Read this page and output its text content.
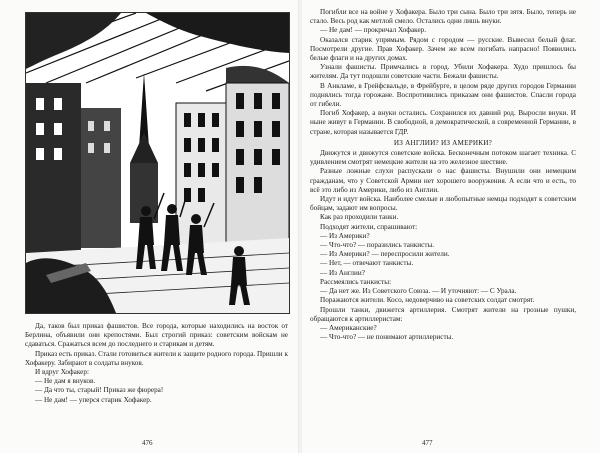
Да, таков был приказ фашистов. Все города, которые находились на восток от Берлина, объявили они крепостями. Был строгий приказ: советским войскам не сдаваться. Сражаться всем до последнего и старикам и детям.

Приказ есть приказ. Стали готовиться жители к защите родного города. Пришли к Хофакеру. Забирают в солдаты внуков.

И вдруг Хофакер:

— Не дам я внуков.

— Да что ты, старый! Приказ же фюрера!

— Не дам! — уперся старик Хофакер.

476

Погибли все на войне у Хофакера. Было три сына. Было три зятя. Было, теперь не стало. Весь род как метлой смело. Остались одни лишь внуки.

— Не дам! — прокричал Хофакер.

Оказался старик упрямым. Рядом с городом — русские. Вывесил белый флаг. Посмотрели другие. Прав Хофакер. Зачем же всем погибать напрасно! Появились белые флаги и на других домах.

Узнали фашисты. Примчались в город. Убили Хофакера. Худо пришлось бы жителям. Да тут подошли советские части. Бежали фашисты.

В Анкламе, в Грейфсвальде, в Фрейбурге, в целом ряде других городов Германии поднялись тогда горожане. Воспротивились приказам они фашистов. Спасли города от гибели.

Погиб Хофакер, а внуки остались. Сохранился их давний род. Выросли внуки. И ныне живут в Германии. В свободной, в демократической, в современной Германии, в стране, которая называется ГДР.

ИЗ АНГЛИИ? ИЗ АМЕРИКИ?

Движутся и движутся советские войска. Бесконечным потоком шагает техника. С удивлением смотрят немецкие жители на это железное шествие.

Разные ложные слухи распускали о нас фашисты. Внушили они немецким гражданам, что у Советской Армии нет хорошего вооружения. А если что и есть, то всё это либо из Америки, либо из Англии.

Идут и идут войска. Наиболее смелые и любопытные немцы подходят к советским бойцам, задают им вопросы.

Как раз проходили танки.

Подходят жители, спрашивают:

— Из Америки?

— Что-что? — поразились танкисты.

— Из Америки? — переспросили жители.

— Нет, — отвечают танкисты.

— Из Англии?

Рассмеялись танкисты:

— Да нет же. Из Советского Союза. — И уточняют: — С Урала.

Поражаются жители. Косо, недоверчиво на советских солдат смотрят.

Прошли танки, движется артиллерия. Смотрят жители на грозные пушки, обращаются к артиллеристам:

— Американские?

— Что-что? — не понимают артиллеристы.

477
